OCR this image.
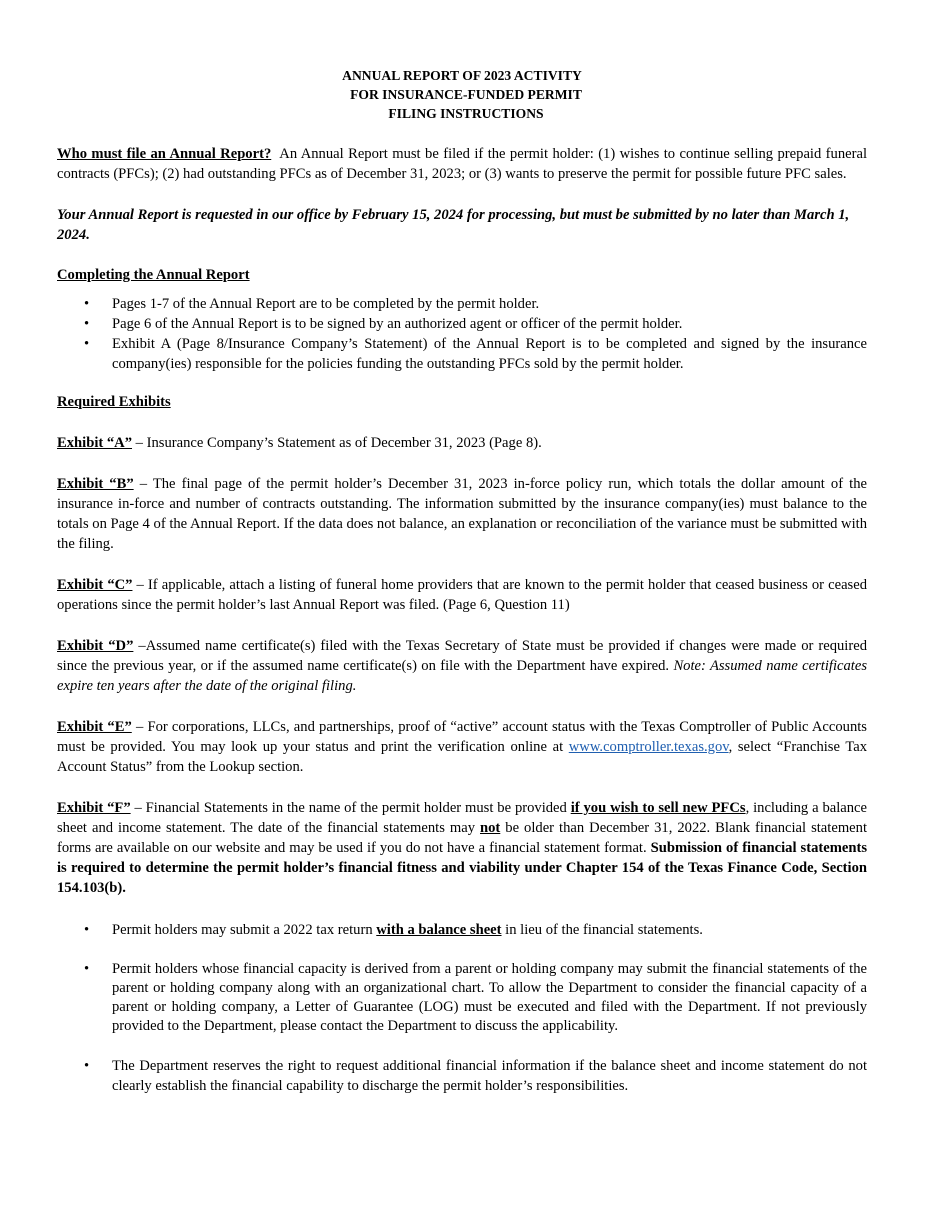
ANNUAL REPORT OF 2023 ACTIVITY
FOR INSURANCE-FUNDED PERMIT
FILING INSTRUCTIONS

Who must file an Annual Report? An Annual Report must be filed if the permit holder: (1) wishes to continue selling prepaid funeral contracts (PFCs); (2) had outstanding PFCs as of December 31, 2023; or (3) wants to preserve the permit for possible future PFC sales.

Your Annual Report is requested in our office by February 15, 2024 for processing, but must be submitted by no later than March 1, 2024.

Completing the Annual Report

• Pages 1-7 of the Annual Report are to be completed by the permit holder.
• Page 6 of the Annual Report is to be signed by an authorized agent or officer of the permit holder.
• Exhibit A (Page 8/Insurance Company’s Statement) of the Annual Report is to be completed and signed by the insurance company(ies) responsible for the policies funding the outstanding PFCs sold by the permit holder.

Required Exhibits

Exhibit “A” – Insurance Company’s Statement as of December 31, 2023 (Page 8).

Exhibit “B” – The final page of the permit holder’s December 31, 2023 in-force policy run, which totals the dollar amount of the insurance in-force and number of contracts outstanding. The information submitted by the insurance company(ies) must balance to the totals on Page 4 of the Annual Report. If the data does not balance, an explanation or reconciliation of the variance must be submitted with the filing.

Exhibit “C” – If applicable, attach a listing of funeral home providers that are known to the permit holder that ceased business or ceased operations since the permit holder’s last Annual Report was filed. (Page 6, Question 11)

Exhibit “D” –Assumed name certificate(s) filed with the Texas Secretary of State must be provided if changes were made or required since the previous year, or if the assumed name certificate(s) on file with the Department have expired. Note: Assumed name certificates expire ten years after the date of the original filing.

Exhibit “E” – For corporations, LLCs, and partnerships, proof of “active” account status with the Texas Comptroller of Public Accounts must be provided. You may look up your status and print the verification online at www.comptroller.texas.gov, select “Franchise Tax Account Status” from the Lookup section.

Exhibit “F” – Financial Statements in the name of the permit holder must be provided if you wish to sell new PFCs, including a balance sheet and income statement. The date of the financial statements may not be older than December 31, 2022. Blank financial statement forms are available on our website and may be used if you do not have a financial statement format. Submission of financial statements is required to determine the permit holder’s financial fitness and viability under Chapter 154 of the Texas Finance Code, Section 154.103(b).

• Permit holders may submit a 2022 tax return with a balance sheet in lieu of the financial statements.
• Permit holders whose financial capacity is derived from a parent or holding company may submit the financial statements of the parent or holding company along with an organizational chart. To allow the Department to consider the financial capacity of a parent or holding company, a Letter of Guarantee (LOG) must be executed and filed with the Department. If not previously provided to the Department, please contact the Department to discuss the applicability.
• The Department reserves the right to request additional financial information if the balance sheet and income statement do not clearly establish the financial capability to discharge the permit holder’s responsibilities.
